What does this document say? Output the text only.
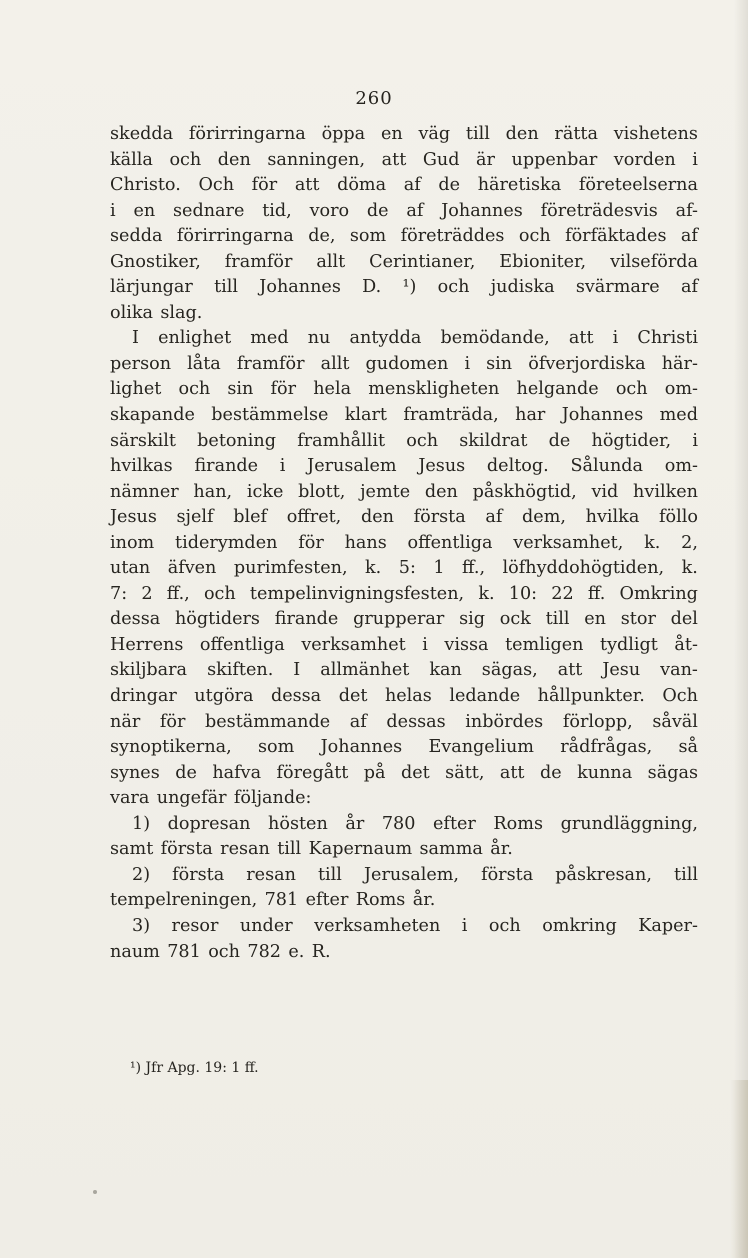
260
skedda förirringarna öppa en väg till den rätta vishetens
källa och den sanningen, att Gud är uppenbar vorden i
Christo. Och för att döma af de häretiska företeelserna
i en sednare tid, voro de af Johannes företrädesvis af-
sedda förirringarna de, som företräddes och förfäktades af
Gnostiker, framför allt Cerintianer, Ebioniter, vilseförda
lärjungar till Johannes D. ¹) och judiska svärmare af
olika slag.
I enlighet med nu antydda bemödande, att i Christi
person låta framför allt gudomen i sin öfverjordiska här-
lighet och sin för hela menskligheten helgande och om-
skapande bestämmelse klart framträda, har Johannes med
särskilt betoning framhållit och skildrat de högtider, i
hvilkas firande i Jerusalem Jesus deltog. Sålunda om-
nämner han, icke blott, jemte den påskhögtid, vid hvilken
Jesus sjelf blef offret, den första af dem, hvilka föllo
inom tiderymden för hans offentliga verksamhet, k. 2,
utan äfven purimfesten, k. 5: 1 ff., löfhyddohögtiden, k.
7: 2 ff., och tempelinvigningsfesten, k. 10: 22 ff. Omkring
dessa högtiders firande grupperar sig ock till en stor del
Herrens offentliga verksamhet i vissa temligen tydligt åt-
skiljbara skiften. I allmänhet kan sägas, att Jesu van-
dringar utgöra dessa det helas ledande hållpunkter. Och
när för bestämmande af dessas inbördes förlopp, såväl
synoptikerna, som Johannes Evangelium rådfrågas, så
synes de hafva föregått på det sätt, att de kunna sägas
vara ungefär följande:
1) dopresan hösten år 780 efter Roms grundläggning,
samt första resan till Kapernaum samma år.
2) första resan till Jerusalem, första påskresan, till
tempelreningen, 781 efter Roms år.
3) resor under verksamheten i och omkring Kaper-
naum 781 och 782 e. R.
¹) Jfr Apg. 19: 1 ff.
